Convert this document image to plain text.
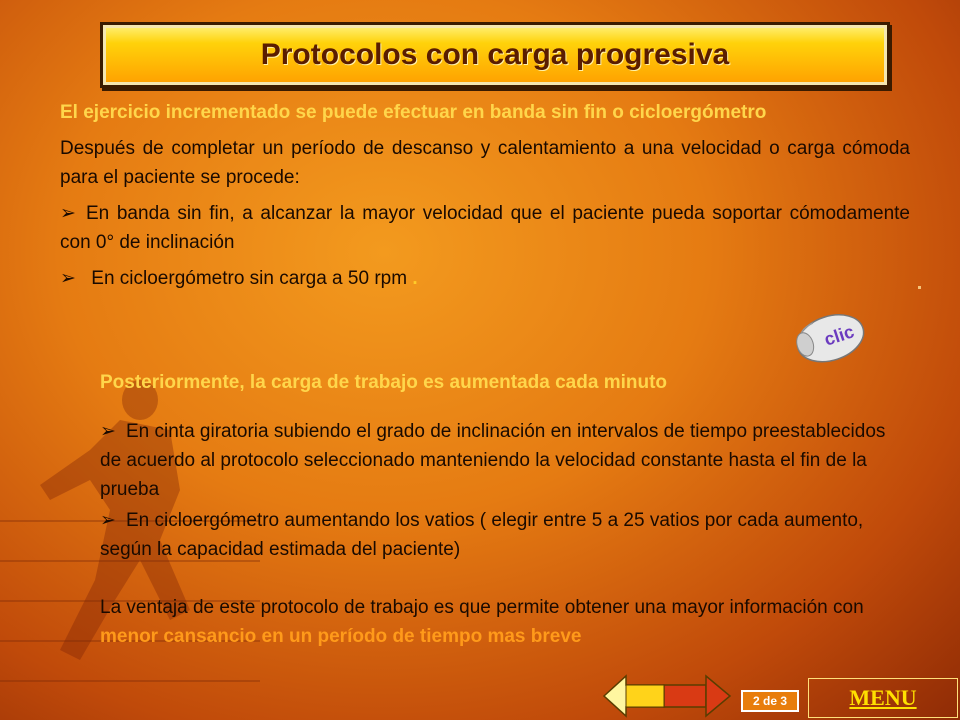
Protocolos con carga progresiva

El ejercicio incrementado se puede efectuar en banda sin fin o cicloergómetro

Después de completar un período de descanso y calentamiento a una velocidad o carga cómoda para el paciente se procede:

➢ En banda sin fin, a alcanzar la mayor velocidad que el paciente pueda soportar cómodamente con 0° de inclinación

➢ En cicloergómetro sin carga a 50 rpm .

clic
Posteriormente, la carga de trabajo es aumentada cada minuto
➢ En cinta giratoria subiendo el grado de inclinación en intervalos de tiempo preestablecidos de acuerdo al protocolo seleccionado manteniendo la velocidad constante hasta el fin de la prueba
➢ En cicloergómetro aumentando los vatios ( elegir entre 5 a 25 vatios por cada aumento, según la capacidad estimada del paciente)
La ventaja de este protocolo de trabajo es que permite obtener una mayor información con menor cansancio en un período de tiempo mas breve
2 de 3	MENU
